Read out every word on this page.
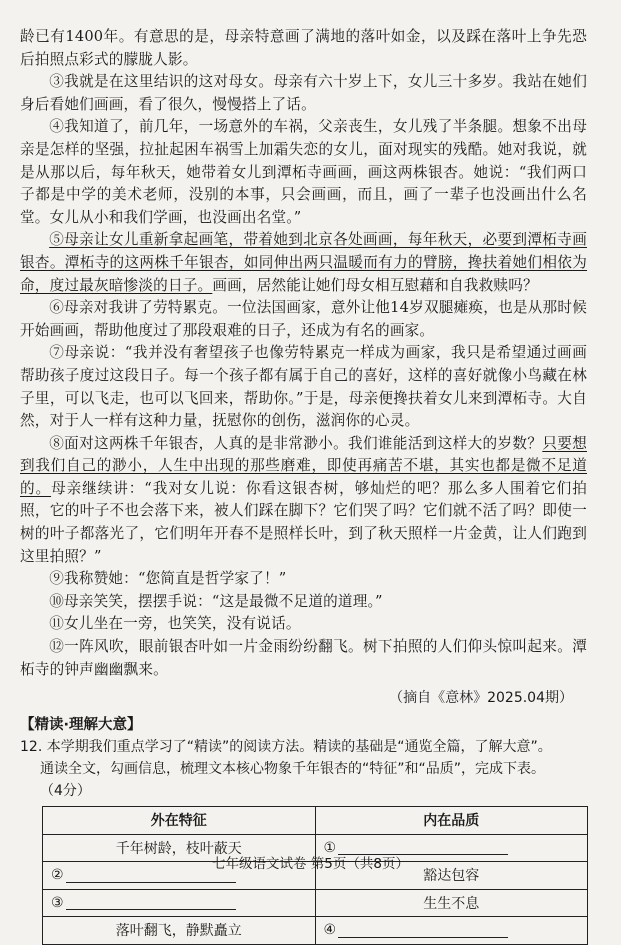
龄已有1400年。有意思的是，母亲特意画了满地的落叶如金，以及踩在落叶上争先恐后拍照点彩式的朦胧人影。

③我就是在这里结识的这对母女。母亲有六十岁上下，女儿三十多岁。我站在她们身后看她们画画，看了很久，慢慢搭上了话。

④我知道了，前几年，一场意外的车祸，父亲丧生，女儿残了半条腿。想象不出母亲是怎样的坚强，拉扯起困车祸雪上加霜失恋的女儿，面对现实的残酷。她对我说，就是从那以后，每年秋天，她带着女儿到潭柘寺画画，画这两株银杏。她说：“我们两口子都是中学的美术老师，没别的本事，只会画画，而且，画了一辈子也没画出什么名堂。女儿从小和我们学画，也没画出名堂。”

⑤母亲让女儿重新拿起画笔，带着她到北京各处画画，每年秋天，必要到潭柘寺画银杏。潭柘寺的这两株千年银杏，如同伸出两只温暖而有力的臂膀，搀扶着她们相依为命，度过最灰暗惨淡的日子。画画，居然能让她们母女相互慰藉和自我救赎吗？

⑥母亲对我讲了劳特累克。一位法国画家，意外让他14岁双腿瘫痪，也是从那时候开始画画，帮助他度过了那段艰难的日子，还成为有名的画家。

⑦母亲说：“我并没有奢望孩子也像劳特累克一样成为画家，我只是希望通过画画帮助孩子度过这段日子。每一个孩子都有属于自己的喜好，这样的喜好就像小鸟藏在林子里，可以飞走，也可以飞回来，帮助你。”于是，母亲便搀扶着女儿来到潭柘寺。大自然，对于人一样有这种力量，抚慰你的创伤，滋润你的心灵。

⑧面对这两株千年银杏，人真的是非常渺小。我们谁能活到这样大的岁数？只要想到我们自己的渺小，人生中出现的那些磨难，即使再痛苦不堪，其实也都是微不足道的。母亲继续讲：“我对女儿说：你看这银杏树，够灿烂的吧？那么多人围着它们拍照，它的叶子不也会落下来，被人们踩在脚下？它们哭了吗？它们就不活了吗？即使一树的叶子都落光了，它们明年开春不是照样长叶，到了秋天照样一片金黄，让人们跑到这里拍照？”

⑨我称赞她：“您简直是哲学家了！”

⑩母亲笑笑，摆摆手说：“这是最微不足道的道理。”

⑪女儿坐在一旁，也笑笑，没有说话。

⑫一阵风吹，眼前银杏叶如一片金雨纷纷翻飞。树下拍照的人们仰头惊叫起来。潭柘寺的钟声幽幽飘来。

（摘自《意林》2025.04期）

【精读·理解大意】
12. 本学期我们重点学习了“精读”的阅读方法。精读的基础是“通览全篇，了解大意”。
通读全文，勾画信息，梳理文本核心物象千年银杏的“特征”和“品质”，完成下表。
（4分）
外在特征	内在品质
千年树龄，枝叶蔽天	①
②	豁达包容
③	生生不息
落叶翻飞，静默矗立	④
七年级语文试卷 第5页（共8页）
